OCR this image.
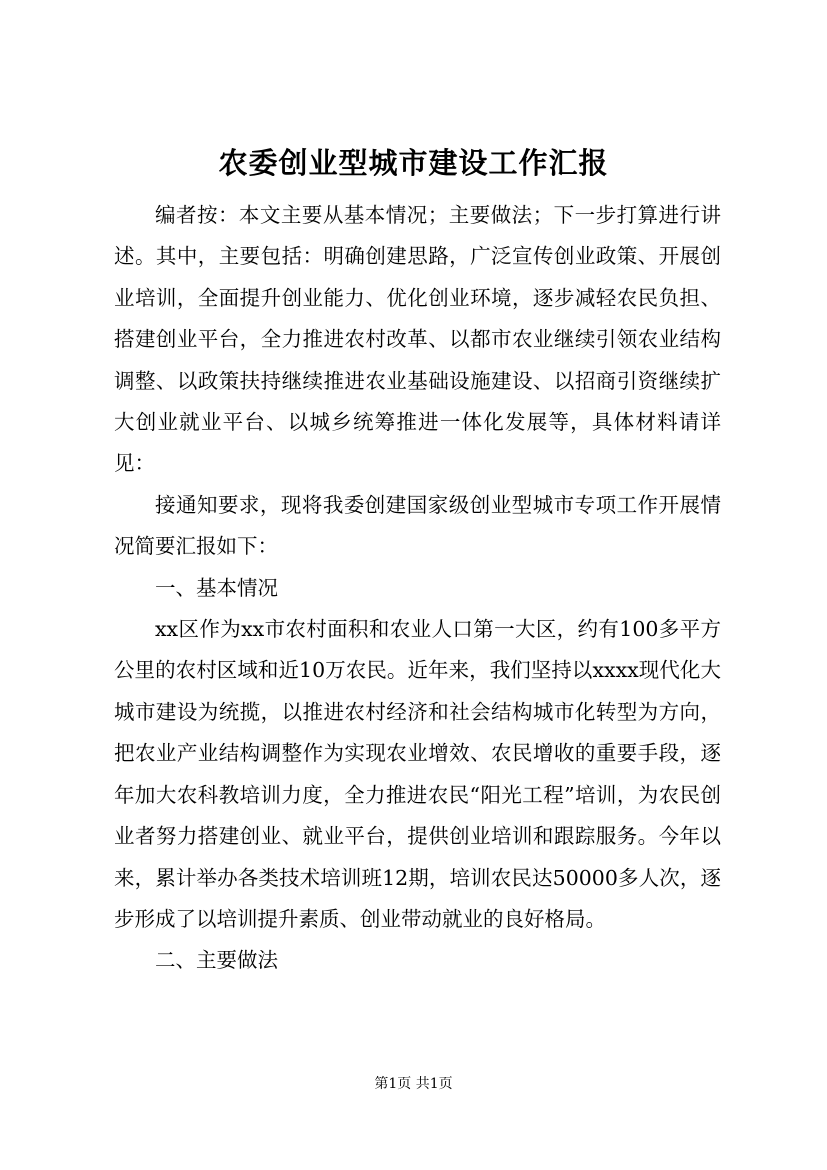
农委创业型城市建设工作汇报

编者按：本文主要从基本情况；主要做法；下一步打算进行讲述。其中，主要包括：明确创建思路，广泛宣传创业政策、开展创业培训，全面提升创业能力、优化创业环境，逐步减轻农民负担、搭建创业平台，全力推进农村改革、以都市农业继续引领农业结构调整、以政策扶持继续推进农业基础设施建设、以招商引资继续扩大创业就业平台、以城乡统筹推进一体化发展等，具体材料请详见：

接通知要求，现将我委创建国家级创业型城市专项工作开展情况简要汇报如下：

一、基本情况

xx区作为xx市农村面积和农业人口第一大区，约有100多平方公里的农村区域和近10万农民。近年来，我们坚持以xxxx现代化大城市建设为统揽，以推进农村经济和社会结构城市化转型为方向，把农业产业结构调整作为实现农业增效、农民增收的重要手段，逐年加大农科教培训力度，全力推进农民“阳光工程”培训，为农民创业者努力搭建创业、就业平台，提供创业培训和跟踪服务。今年以来，累计举办各类技术培训班12期，培训农民达50000多人次，逐步形成了以培训提升素质、创业带动就业的良好格局。

二、主要做法

第1页 共1页
